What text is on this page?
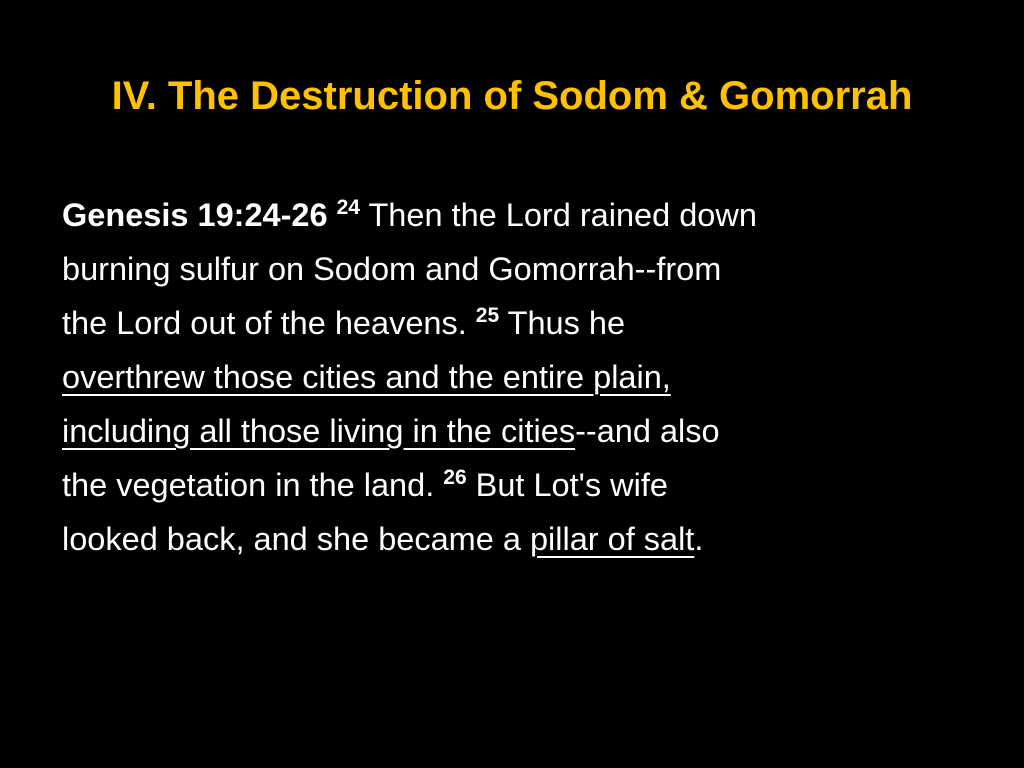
IV. The Destruction of Sodom & Gomorrah
Genesis 19:24-26 $^{24}$ Then the Lord rained down
burning sulfur on Sodom and Gomorrah--from
the Lord out of the heavens. $^{25}$ Thus he
overthrew those cities and the entire plain,
including all those living in the cities--and also
the vegetation in the land. $^{26}$ But Lot's wife
looked back, and she became a pillar of salt.
